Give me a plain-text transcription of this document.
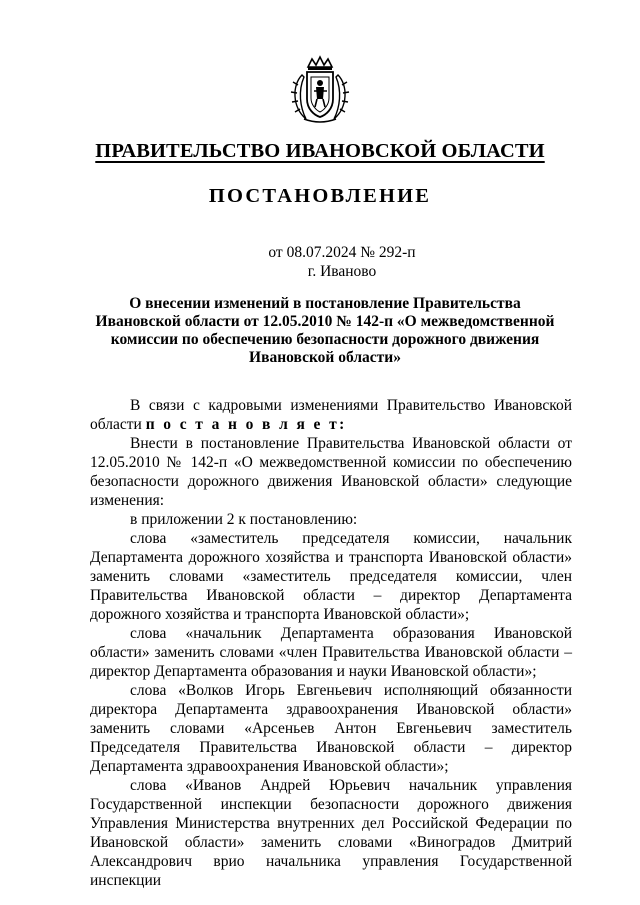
ПРАВИТЕЛЬСТВО ИВАНОВСКОЙ ОБЛАСТИ
ПОСТАНОВЛЕНИЕ
от 08.07.2024 № 292-п
г. Иваново
О внесении изменений в постановление Правительства
Ивановской области от 12.05.2010 № 142-п «О межведомственной
комиссии по обеспечению безопасности дорожного движения
Ивановской области»

В связи с кадровыми изменениями Правительство Ивановской области п о с т а н о в л я е т:

Внести в постановление Правительства Ивановской области от 12.05.2010 № 142-п «О межведомственной комиссии по обеспечению безопасности дорожного движения Ивановской области» следующие изменения:

в приложении 2 к постановлению:

слова «заместитель председателя комиссии, начальник Департамента дорожного хозяйства и транспорта Ивановской области» заменить словами «заместитель председателя комиссии, член Правительства Ивановской области – директор Департамента дорожного хозяйства и транспорта Ивановской области»;

слова «начальник Департамента образования Ивановской области» заменить словами «член Правительства Ивановской области – директор Департамента образования и науки Ивановской области»;

слова «Волков Игорь Евгеньевич исполняющий обязанности директора Департамента здравоохранения Ивановской области» заменить словами «Арсеньев Антон Евгеньевич заместитель Председателя Правительства Ивановской области – директор Департамента здравоохранения Ивановской области»;

слова «Иванов Андрей Юрьевич начальник управления Государственной инспекции безопасности дорожного движения Управления Министерства внутренних дел Российской Федерации по Ивановской области» заменить словами «Виноградов Дмитрий Александрович врио начальника управления Государственной инспекции
